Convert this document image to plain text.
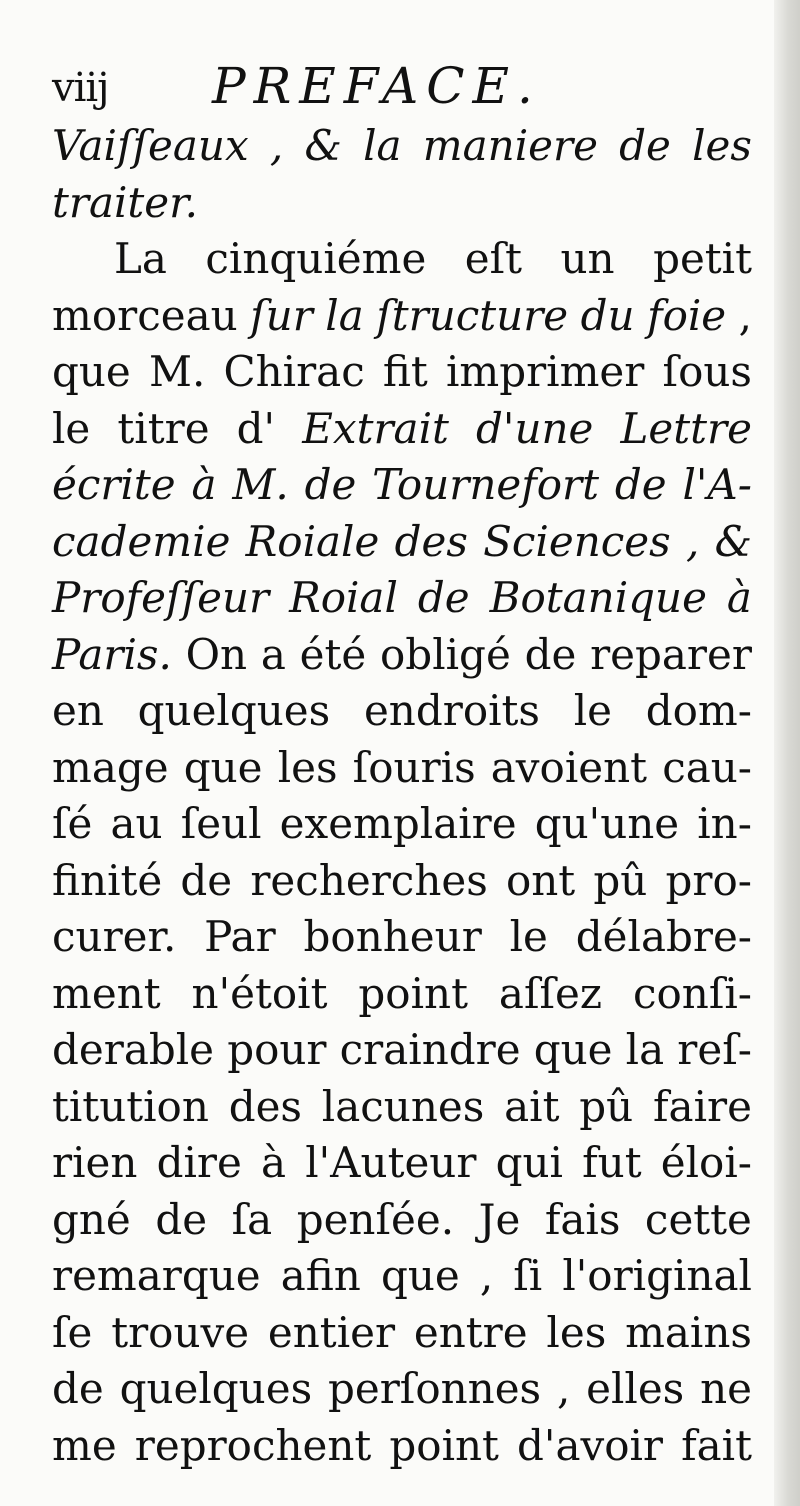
viij PREFACE.
Vaiſſeaux , & la maniere de les
traiter.
La cinquiéme eſt un petit
morceau ſur la ſtructure du foie ,
que M. Chirac fit imprimer ſous
le titre d' Extrait d'une Lettre
écrite à M. de Tournefort de l'A-
cademie Roiale des Sciences , &
Profeſſeur Roial de Botanique à
Paris. On a été obligé de reparer
en quelques endroits le dom-
mage que les ſouris avoient cau-
ſé au ſeul exemplaire qu'une in-
finité de recherches ont pû pro-
curer. Par bonheur le délabre-
ment n'étoit point aſſez conſi-
derable pour craindre que la reſ-
titution des lacunes ait pû faire
rien dire à l'Auteur qui fut éloi-
gné de ſa penſée. Je fais cette
remarque afin que , ſi l'original
ſe trouve entier entre les mains
de quelques perſonnes , elles ne
me reprochent point d'avoir fait
